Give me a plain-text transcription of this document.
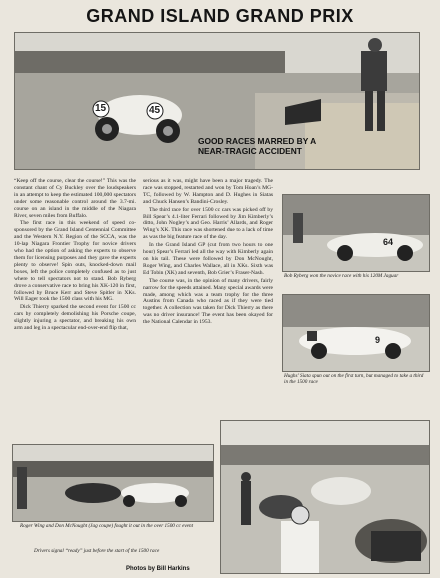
GRAND ISLAND GRAND PRIX
15	45
GOOD RACES MARRED BY A NEAR-TRAGIC ACCIDENT

“Keep off the course, clear the course!” This was the constant chant of Cy Buckley over the loudspeakers in an attempt to keep the estimated 100,000 spectators under some reasonable control around the 3.7-mi. course on an island in the middle of the Niagara River, seven miles from Buffalo.

The first race in this weekend of speed co-sponsored by the Grand Island Centennial Committee and the Western N.Y. Region of the SCCA, was the 10-lap Niagara Frontier Trophy for novice drivers who had the option of asking the experts to observe them for licensing purposes and they gave the experts plenty to observe! Spin outs, knocked-down mail boxes, left the police completely confused as to just where to tell spectators not to stand. Bob Ryberg drove a conservative race to bring his XK-120 in first, followed by Bruce Kerr and Steve Spitler in XKs. Will Eager took the 1500 class with his MG.

Dick Thierry sparked the second event for 1500 cc cars by completely demolishing his Porsche coupe, slightly injuring a spectator, and breaking his own arm and leg in a spectacular end-over-end flip that,

serious as it was, might have been a major tragedy. The race was stopped, restarted and won by Tom Hoan’s MG-TC, followed by W. Hampton and D. Hughes in Siatas and Chuck Hansen’s Bandini-Crosley.

The third race for over 1500 cc cars was picked off by Bill Spear’s 4.1-liter Ferrari followed by Jim Kimberly’s ditto, John Nogley’s and Geo. Harris’ Allards, and Roger Wing’s XK. This race was shortened due to a lack of time as was the big feature race of the day.

In the Grand Island GP (cut from two hours to one hour) Spear’s Ferrari led all the way with Kimberly again on his tail. These were followed by Don McNought, Roger Wing, and Charles Wallace, all in XKs. Sixth was Ed Tobin (XK) and seventh, Bob Grier’s Fraser-Nash.

The course was, in the opinion of many drivers, fairly narrow for the speeds attained. Many special awards were made, among which was a team trophy for the three Austins from Canada who raced as if they were tied together. A collection was taken for Dick Thierry as there was no driver insurance! The event has been okayed for the National Calendar in 1953.

64
Bob Ryberg won the novice race with his 120M Jaguar
9
Hughs’ Siata spun out on the first turn, but managed to take a third in the 1500 race
Roger Wing and Don McNought (Jag coupe) fought it out in the over 1500 cc event
Drivers signal “ready” just before the start of the 1500 race
Photos by Bill Harkins
